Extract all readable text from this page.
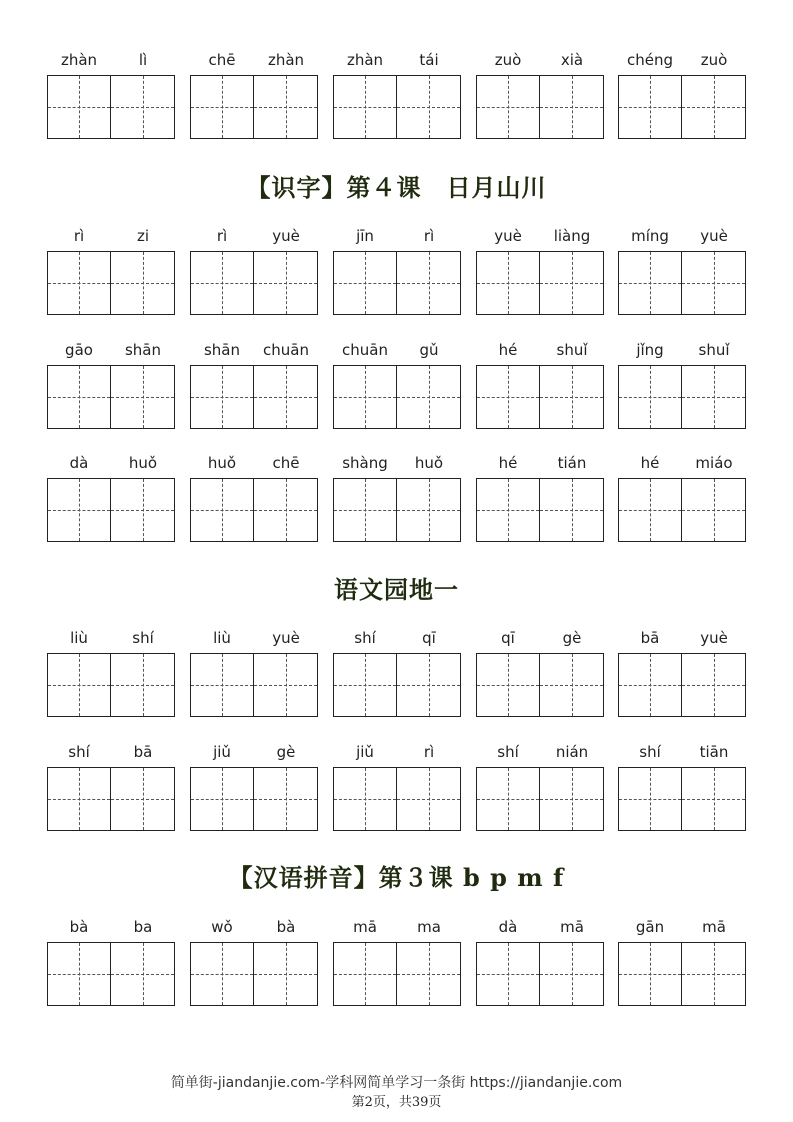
zhàn	lì	chē	zhàn	zhàn	tái	zuò	xià	chéng	zuò
【识字】第４课　日月山川
rì	zi	rì	yuè	jīn	rì	yuè	liàng	míng	yuè
gāo	shān	shān	chuān	chuān	gǔ	hé	shuǐ	jǐng	shuǐ
dà	huǒ	huǒ	chē	shàng	huǒ	hé	tián	hé	miáo
语文园地一
liù	shí	liù	yuè	shí	qī	qī	gè	bā	yuè
shí	bā	jiǔ	gè	jiǔ	rì	shí	nián	shí	tiān
【汉语拼音】第３课 b p m f
bà	ba	wǒ	bà	mā	ma	dà	mā	gān	mā
简单街-jiandanjie.com-学科网简单学习一条街 https://jiandanjie.com
第2页，共39页
